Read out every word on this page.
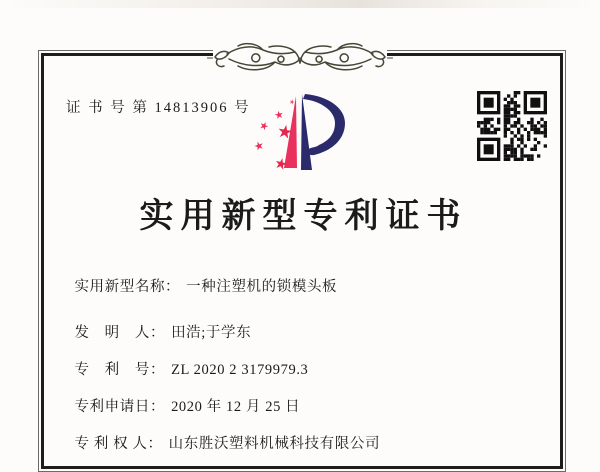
证 书 号 第 14813906 号
实用新型专利证书

实用新型名称： 一种注塑机的锁模头板

发　明　人： 田浩;于学东

专　利　号： ZL 2020 2 3179979.3

专利申请日： 2020 年 12 月 25 日

专 利 权 人： 山东胜沃塑料机械科技有限公司
